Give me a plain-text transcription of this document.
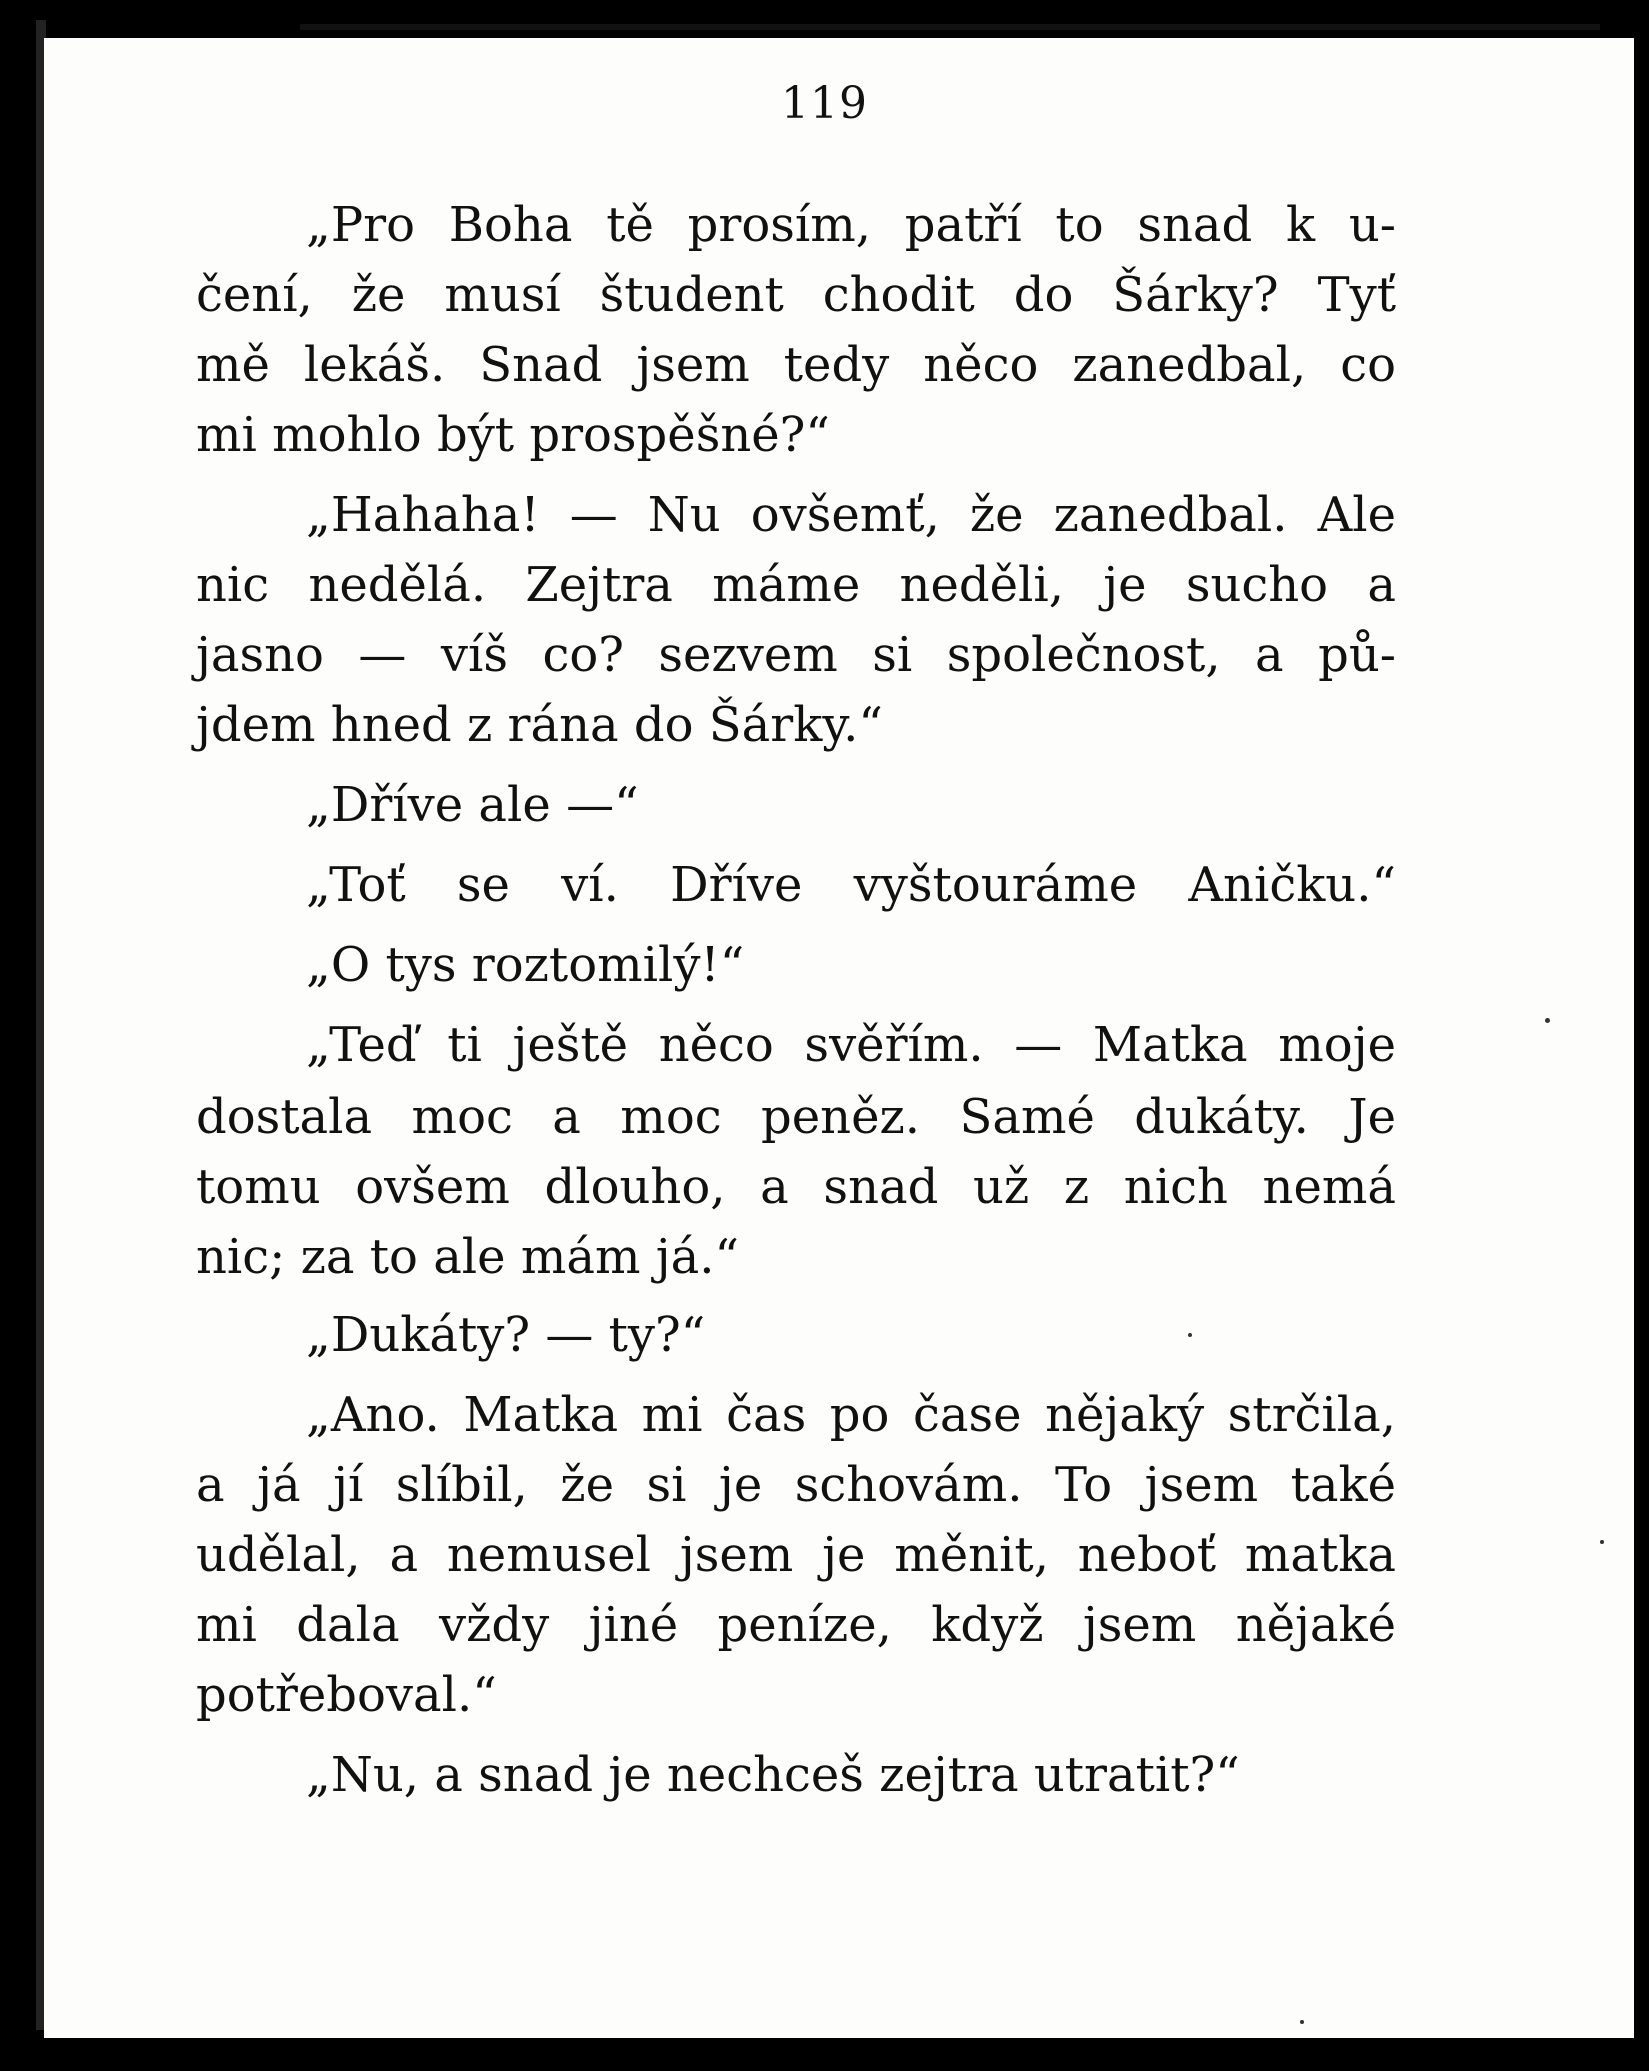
119
„Pro Boha tě prosím, patří to snad k u-
čení, že musí študent chodit do Šárky? Tyť
mě lekáš. Snad jsem tedy něco zanedbal, co
mi mohlo být prospěšné?“
„Hahaha! — Nu ovšemť, že zanedbal. Ale
nic nedělá. Zejtra máme neděli, je sucho a
jasno — víš co? sezvem si společnost, a pů-
jdem hned z rána do Šárky.“
„Dříve ale —“
„Toť se ví. Dříve vyštouráme Aničku.“
„O tys roztomilý!“
„Teď ti ještě něco svěřím. — Matka moje
dostala moc a moc peněz. Samé dukáty. Je
tomu ovšem dlouho, a snad už z nich nemá
nic; za to ale mám já.“
„Dukáty? — ty?“
„Ano. Matka mi čas po čase nějaký strčila,
a já jí slíbil, že si je schovám. To jsem také
udělal, a nemusel jsem je měnit, neboť matka
mi dala vždy jiné peníze, když jsem nějaké
potřeboval.“
„Nu, a snad je nechceš zejtra utratit?“
